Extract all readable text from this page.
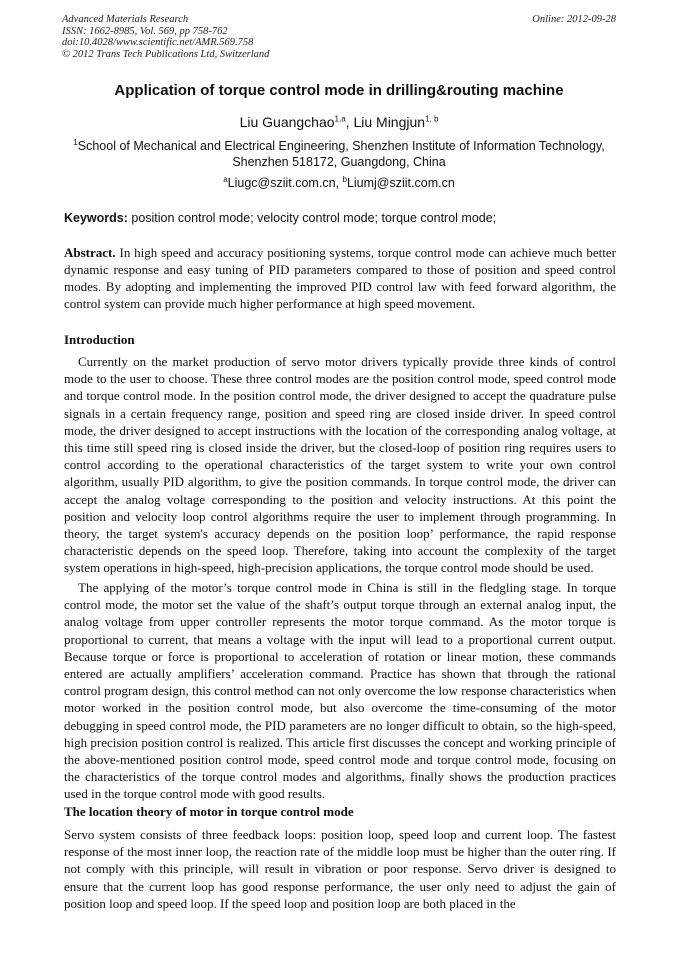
Advanced Materials Research
ISSN: 1662-8985, Vol. 569, pp 758-762
doi:10.4028/www.scientific.net/AMR.569.758
© 2012 Trans Tech Publications Ltd, Switzerland
Online: 2012-09-28
Application of torque control mode in drilling&routing machine
Liu Guangchao$^{1,a}$, Liu Mingjun$^{1, b}$
$^1$School of Mechanical and Electrical Engineering, Shenzhen Institute of Information Technology,
Shenzhen 518172, Guangdong, China
$^a$Liugc@sziit.com.cn, $^b$Liumj@sziit.com.cn
Keywords: position control mode; velocity control mode; torque control mode;
Abstract. In high speed and accuracy positioning systems, torque control mode can achieve much better dynamic response and easy tuning of PID parameters compared to those of position and speed control modes. By adopting and implementing the improved PID control law with feed forward algorithm, the control system can provide much higher performance at high speed movement.
Introduction
Currently on the market production of servo motor drivers typically provide three kinds of control mode to the user to choose. These three control modes are the position control mode, speed control mode and torque control mode. In the position control mode, the driver designed to accept the quadrature pulse signals in a certain frequency range, position and speed ring are closed inside driver. In speed control mode, the driver designed to accept instructions with the location of the corresponding analog voltage, at this time still speed ring is closed inside the driver, but the closed-loop of position ring requires users to control according to the operational characteristics of the target system to write your own control algorithm, usually PID algorithm, to give the position commands. In torque control mode, the driver can accept the analog voltage corresponding to the position and velocity instructions. At this point the position and velocity loop control algorithms require the user to implement through programming. In theory, the target system's accuracy depends on the position loop’ performance, the rapid response characteristic depends on the speed loop. Therefore, taking into account the complexity of the target system operations in high-speed, high-precision applications, the torque control mode should be used.
The applying of the motor’s torque control mode in China is still in the fledgling stage. In torque control mode, the motor set the value of the shaft’s output torque through an external analog input, the analog voltage from upper controller represents the motor torque command. As the motor torque is proportional to current, that means a voltage with the input will lead to a proportional current output. Because torque or force is proportional to acceleration of rotation or linear motion, these commands entered are actually amplifiers’ acceleration command. Practice has shown that through the rational control program design, this control method can not only overcome the low response characteristics when motor worked in the position control mode, but also overcome the time-consuming of the motor debugging in speed control mode, the PID parameters are no longer difficult to obtain, so the high-speed, high precision position control is realized. This article first discusses the concept and working principle of the above-mentioned position control mode, speed control mode and torque control mode, focusing on the characteristics of the torque control modes and algorithms, finally shows the production practices used in the torque control mode with good results.
The location theory of motor in torque control mode
Servo system consists of three feedback loops: position loop, speed loop and current loop. The fastest response of the most inner loop, the reaction rate of the middle loop must be higher than the outer ring. If not comply with this principle, will result in vibration or poor response. Servo driver is designed to ensure that the current loop has good response performance, the user only need to adjust the gain of position loop and speed loop. If the speed loop and position loop are both placed in the
